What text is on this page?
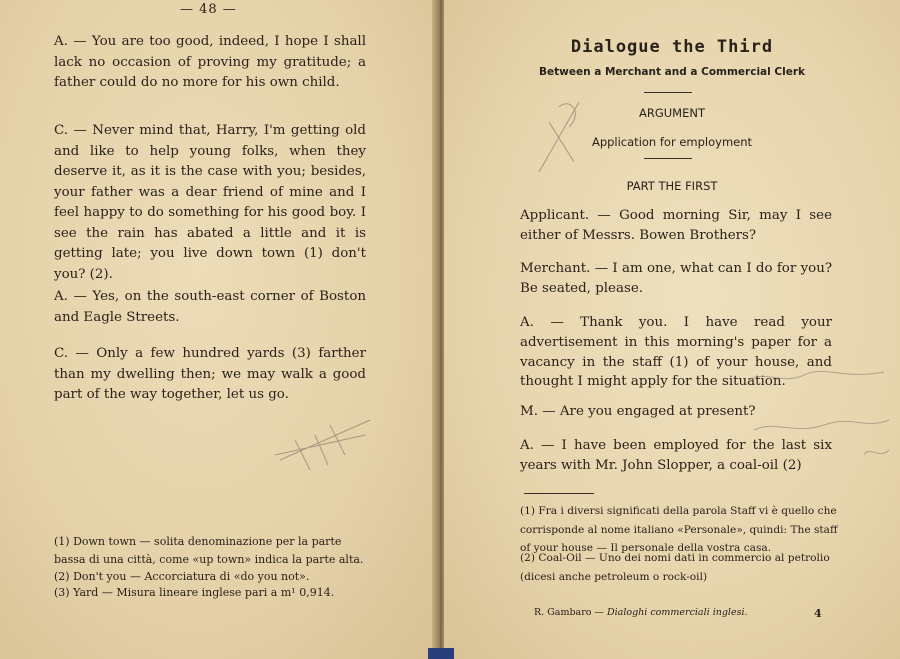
— 48 —

A. — You are too good, indeed, I hope I shall lack no occasion of proving my gratitude; a father could do no more for his own child.

C. — Never mind that, Harry, I'm getting old and like to help young folks, when they deserve it, as it is the case with you; besides, your father was a dear friend of mine and I feel happy to do something for his good boy. I see the rain has abated a little and it is getting late; you live down town (1) don't you? (2).

A. — Yes, on the south-east corner of Boston and Eagle Streets.

C. — Only a few hundred yards (3) farther than my dwelling then; we may walk a good part of the way together, let us go.

(1) Down town — solita denominazione per la parte bassa di una città, come «up town» indica la parte alta.

(2) Don't you — Accorciatura di «do you not».

(3) Yard — Misura lineare inglese pari a m¹ 0,914.

Dialogue the Third
Between a Merchant and a Commercial Clerk
ARGUMENT
Application for employment
PART THE FIRST

Applicant. — Good morning Sir, may I see either of Messrs. Bowen Brothers?

Merchant. — I am one, what can I do for you? Be seated, please.

A. — Thank you. I have read your advertisement in this morning's paper for a vacancy in the staff (1) of your house, and thought I might apply for the situation.

M. — Are you engaged at present?

A. — I have been employed for the last six years with Mr. John Slopper, a coal-oil (2)

(1) Fra i diversi significati della parola Staff vi è quello che corrisponde al nome italiano «Personale», quindi: The staff of your house — Il personale della vostra casa.

(2) Coal-Oil — Uno dei nomi dati in commercio al petrolio (dicesi anche petroleum o rock-oil)

R. Gambaro — Dialoghi commerciali inglesi.	4
